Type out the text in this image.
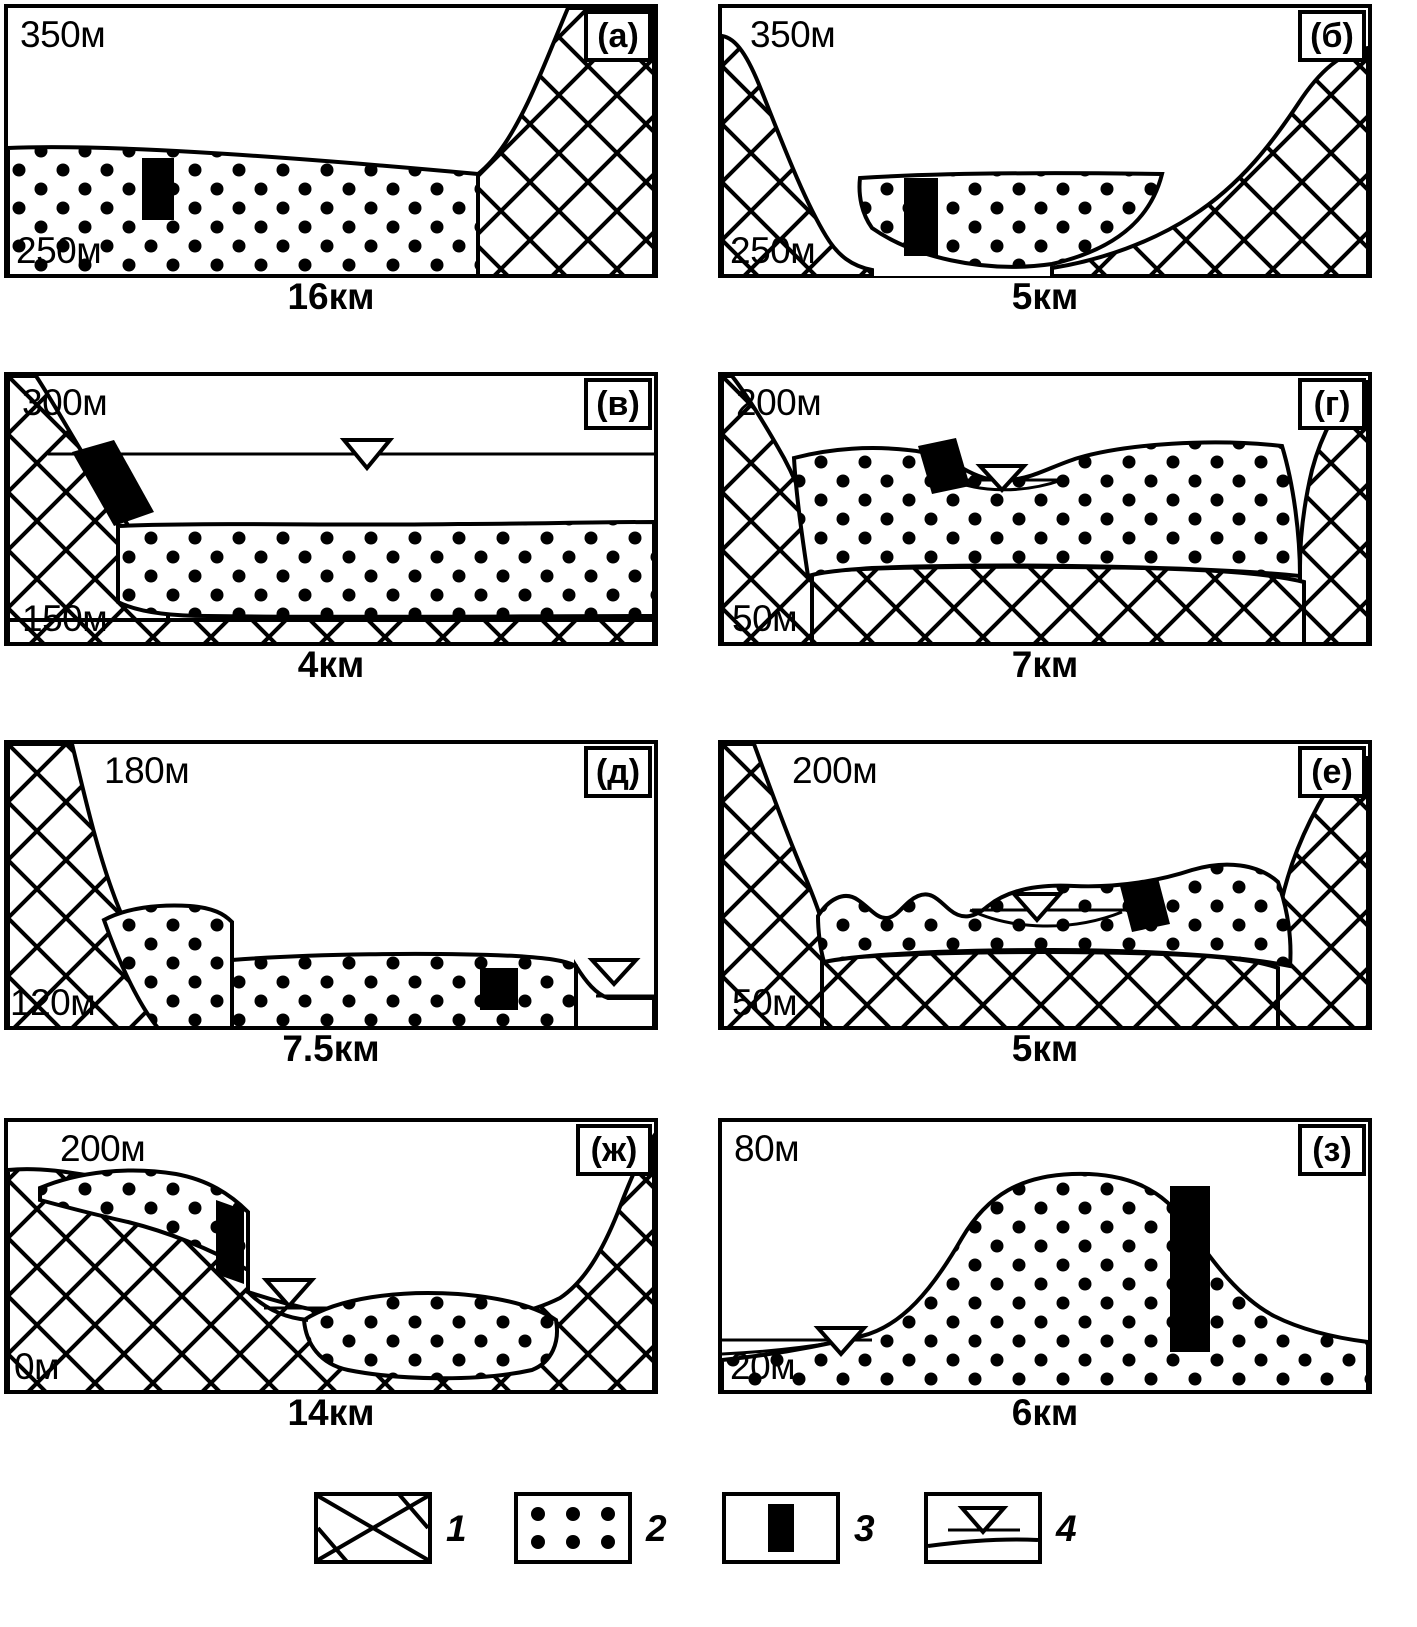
350м
250м
(а)
16км
350м
250м
(б)
5км
300м
150м
(в)
4км
200м
50м
(г)
7км
180м
120м
(д)
7.5км
200м
50м
(е)
5км
200м
0м
(ж)
14км
80м
20м
(з)
6км
1	2	3	4
